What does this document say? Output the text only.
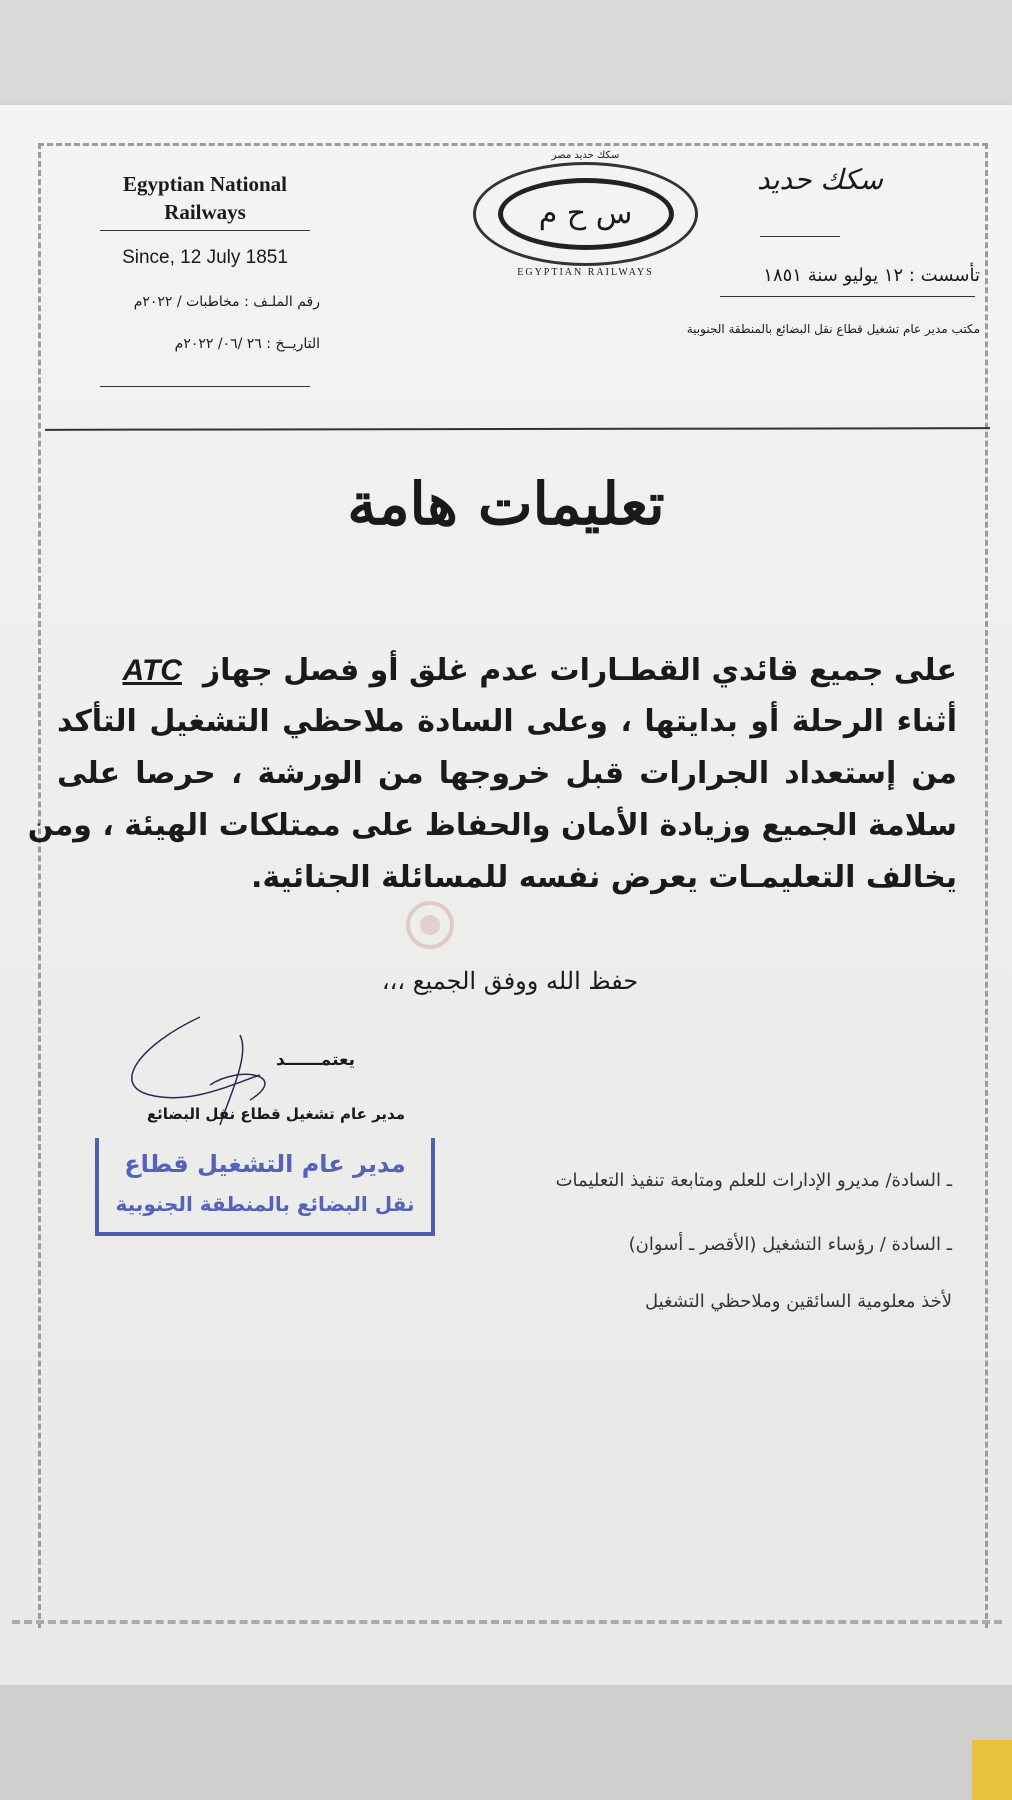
Egyptian National
Railways
Since, 12 July 1851
رقم الملـف : مخاطبات / ٢٠٢٢م
التاريــخ : ٢٦ /٠٦/ ٢٠٢٢م
سكك حديد مصر
س ح م
EGYPTIAN RAILWAYS
سكك حديد
تأسست : ١٢ يوليو سنة ١٨٥١
مكتب مدير عام تشغيل قطاع نقل البضائع بالمنطقة الجنوبية
تعليمات هامة
على جميع قائدي القطـارات عدم غلق أو فصل جهاز  ATC
أثناء الرحلة أو بدايتها ، وعلى السادة ملاحظي التشغيل التأكد
من إستعداد الجرارات قبل خروجها من الورشة ، حرصا على
سلامة الجميع وزيادة الأمان والحفاظ على ممتلكات الهيئة ، ومن
يخالف التعليمـات يعرض نفسه للمسائلة الجنائية.
حفظ الله ووفق الجميع ،،،
يعتمــــــد
مدير عام تشغيل قطاع نقل البضائع
مدير عام التشغيل قطاع
نقل البضائع بالمنطقة الجنوبية
ـ السادة/ مديرو الإدارات للعلم ومتابعة تنفيذ التعليمات
ـ السادة / رؤساء التشغيل (الأقصر ـ أسوان)
لأخذ معلومية السائقين وملاحظي التشغيل
